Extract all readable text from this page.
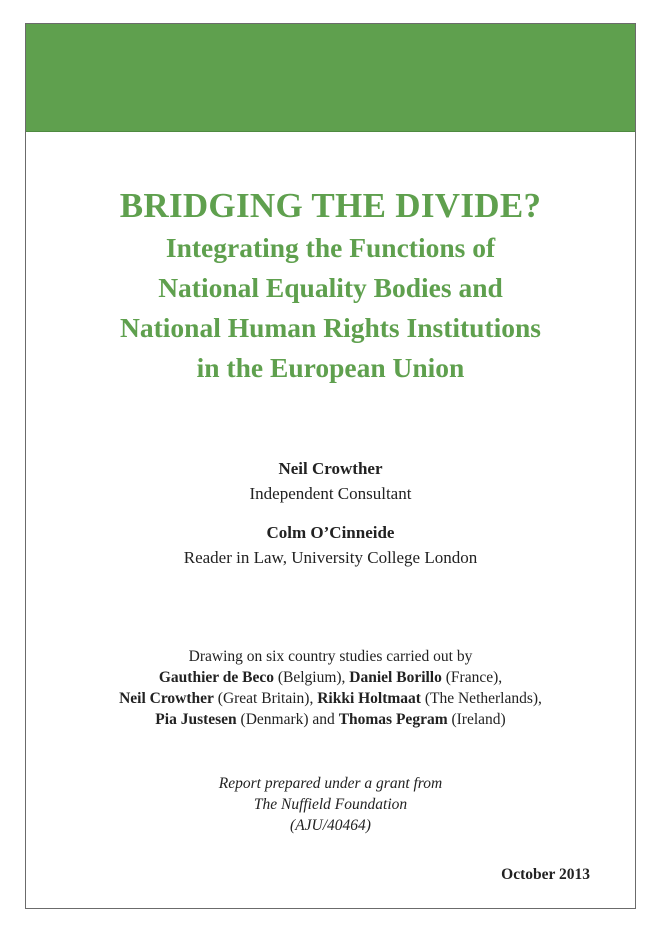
BRIDGING THE DIVIDE?
Integrating the Functions of
National Equality Bodies and
National Human Rights Institutions
in the European Union
Neil Crowther
Independent Consultant
Colm O’Cinneide
Reader in Law, University College London
Drawing on six country studies carried out by
Gauthier de Beco (Belgium), Daniel Borillo (France),
Neil Crowther (Great Britain), Rikki Holtmaat (The Netherlands),
Pia Justesen (Denmark) and Thomas Pegram (Ireland)
Report prepared under a grant from
The Nuffield Foundation
(AJU/40464)
October 2013
